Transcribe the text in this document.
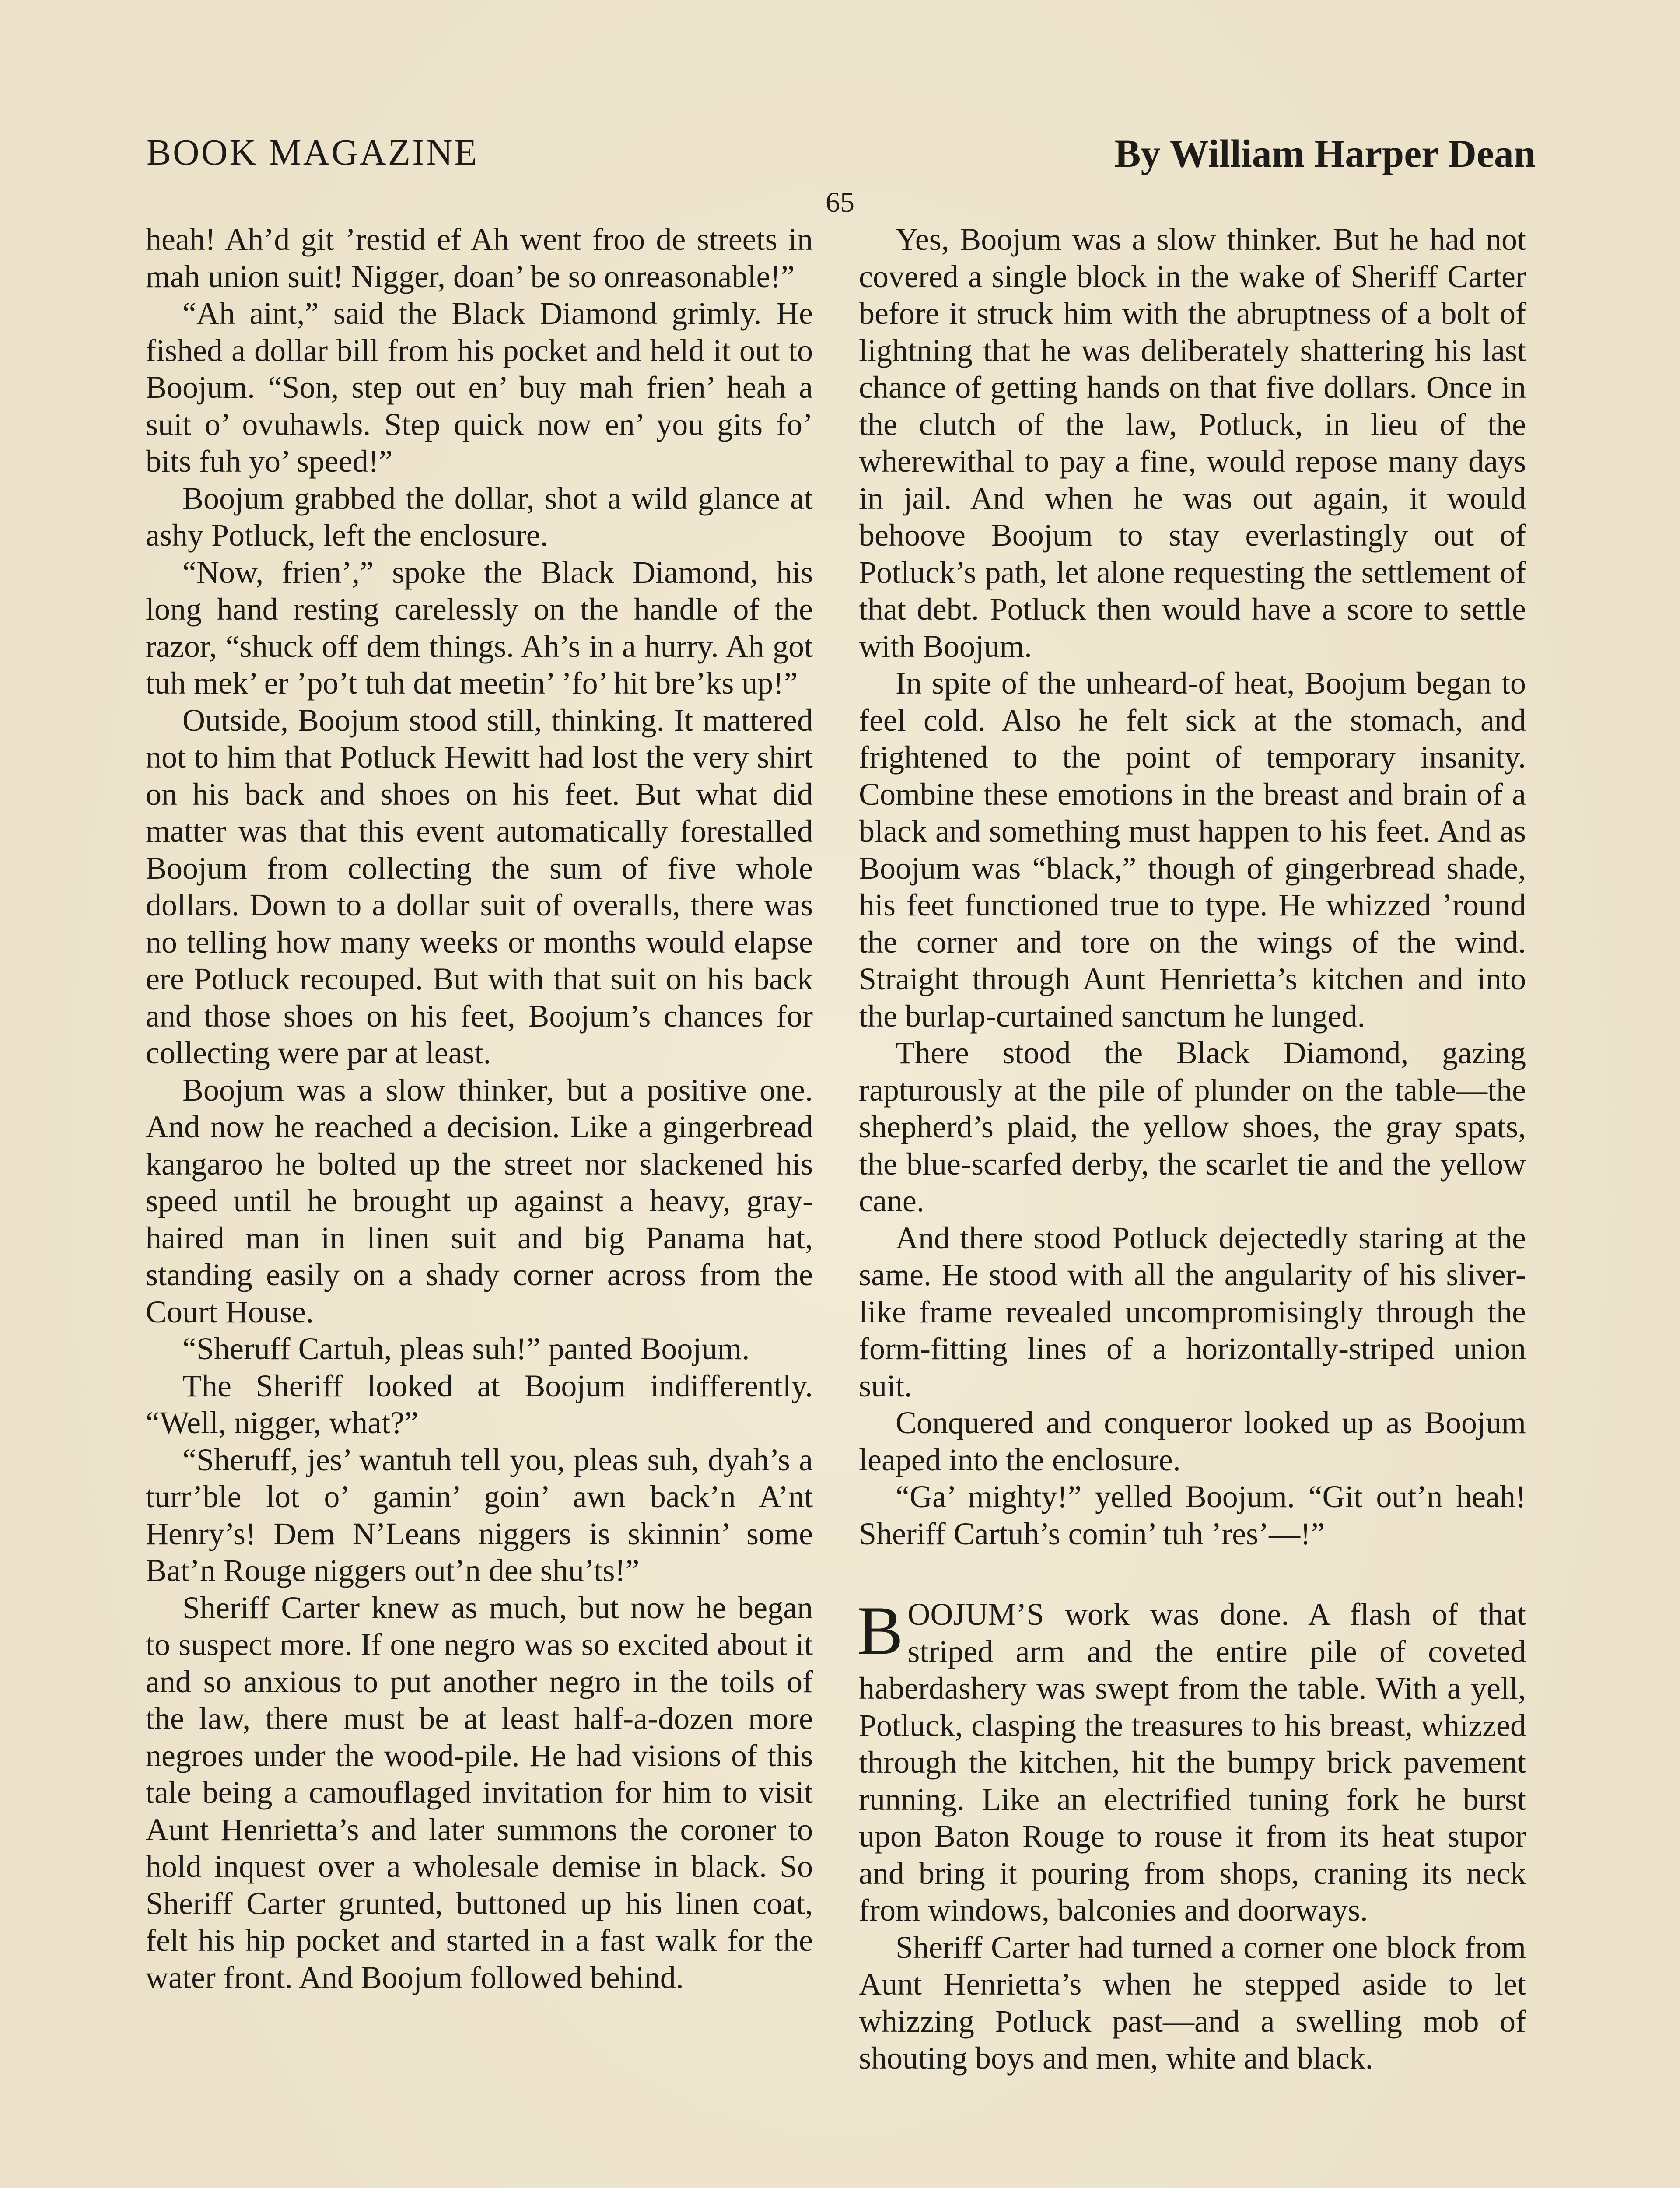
BOOK MAGAZINE	By William Harper Dean
65

heah! Ah’d git ’restid ef Ah went froo de streets in mah union suit! Nigger, doan’ be so onreasonable!”

“Ah aint,” said the Black Diamond grimly. He fished a dollar bill from his pocket and held it out to Boojum. “Son, step out en’ buy mah frien’ heah a suit o’ ovuhawls. Step quick now en’ you gits fo’ bits fuh yo’ speed!”

Boojum grabbed the dollar, shot a wild glance at ashy Potluck, left the enclosure.

“Now, frien’,” spoke the Black Diamond, his long hand resting carelessly on the handle of the razor, “shuck off dem things. Ah’s in a hurry. Ah got tuh mek’ er ’po’t tuh dat meetin’ ’fo’ hit bre’ks up!”

Outside, Boojum stood still, thinking. It mattered not to him that Potluck Hewitt had lost the very shirt on his back and shoes on his feet. But what did matter was that this event automatically forestalled Boojum from collecting the sum of five whole dollars. Down to a dollar suit of overalls, there was no telling how many weeks or months would elapse ere Potluck recouped. But with that suit on his back and those shoes on his feet, Boojum’s chances for collecting were par at least.

Boojum was a slow thinker, but a positive one. And now he reached a decision. Like a gingerbread kangaroo he bolted up the street nor slackened his speed until he brought up against a heavy, gray-haired man in linen suit and big Panama hat, standing easily on a shady corner across from the Court House.

“Sheruff Cartuh, pleas suh!” panted Boojum.

The Sheriff looked at Boojum indifferently. “Well, nigger, what?”

“Sheruff, jes’ wantuh tell you, pleas suh, dyah’s a turr’ble lot o’ gamin’ goin’ awn back’n A’nt Henry’s! Dem N’Leans niggers is skinnin’ some Bat’n Rouge niggers out’n dee shu’ts!”

Sheriff Carter knew as much, but now he began to suspect more. If one negro was so excited about it and so anxious to put another negro in the toils of the law, there must be at least half-a-dozen more negroes under the wood-pile. He had visions of this tale being a camouflaged invitation for him to visit Aunt Henrietta’s and later summons the coroner to hold inquest over a wholesale demise in black. So Sheriff Carter grunted, buttoned up his linen coat, felt his hip pocket and started in a fast walk for the water front. And Boojum followed behind.

Yes, Boojum was a slow thinker. But he had not covered a single block in the wake of Sheriff Carter before it struck him with the abruptness of a bolt of lightning that he was deliberately shattering his last chance of getting hands on that five dollars. Once in the clutch of the law, Potluck, in lieu of the wherewithal to pay a fine, would repose many days in jail. And when he was out again, it would behoove Boojum to stay everlastingly out of Potluck’s path, let alone requesting the settlement of that debt. Potluck then would have a score to settle with Boojum.

In spite of the unheard-of heat, Boojum began to feel cold. Also he felt sick at the stomach, and frightened to the point of temporary insanity. Combine these emotions in the breast and brain of a black and something must happen to his feet. And as Boojum was “black,” though of gingerbread shade, his feet functioned true to type. He whizzed ’round the corner and tore on the wings of the wind. Straight through Aunt Henrietta’s kitchen and into the burlap-curtained sanctum he lunged.

There stood the Black Diamond, gazing rapturously at the pile of plunder on the table—the shepherd’s plaid, the yellow shoes, the gray spats, the blue-scarfed derby, the scarlet tie and the yellow cane.

And there stood Potluck dejectedly staring at the same. He stood with all the angularity of his sliver-like frame revealed uncompromisingly through the form-fitting lines of a horizontally-striped union suit.

Conquered and conqueror looked up as Boojum leaped into the enclosure.

“Ga’ mighty!” yelled Boojum. “Git out’n heah! Sheriff Cartuh’s comin’ tuh ’res’—!”

BOOJUM’S work was done. A flash of that striped arm and the entire pile of coveted haberdashery was swept from the table. With a yell, Potluck, clasping the treasures to his breast, whizzed through the kitchen, hit the bumpy brick pavement running. Like an electrified tuning fork he burst upon Baton Rouge to rouse it from its heat stupor and bring it pouring from shops, craning its neck from windows, balconies and doorways.

Sheriff Carter had turned a corner one block from Aunt Henrietta’s when he stepped aside to let whizzing Potluck past—and a swelling mob of shouting boys and men, white and black.
